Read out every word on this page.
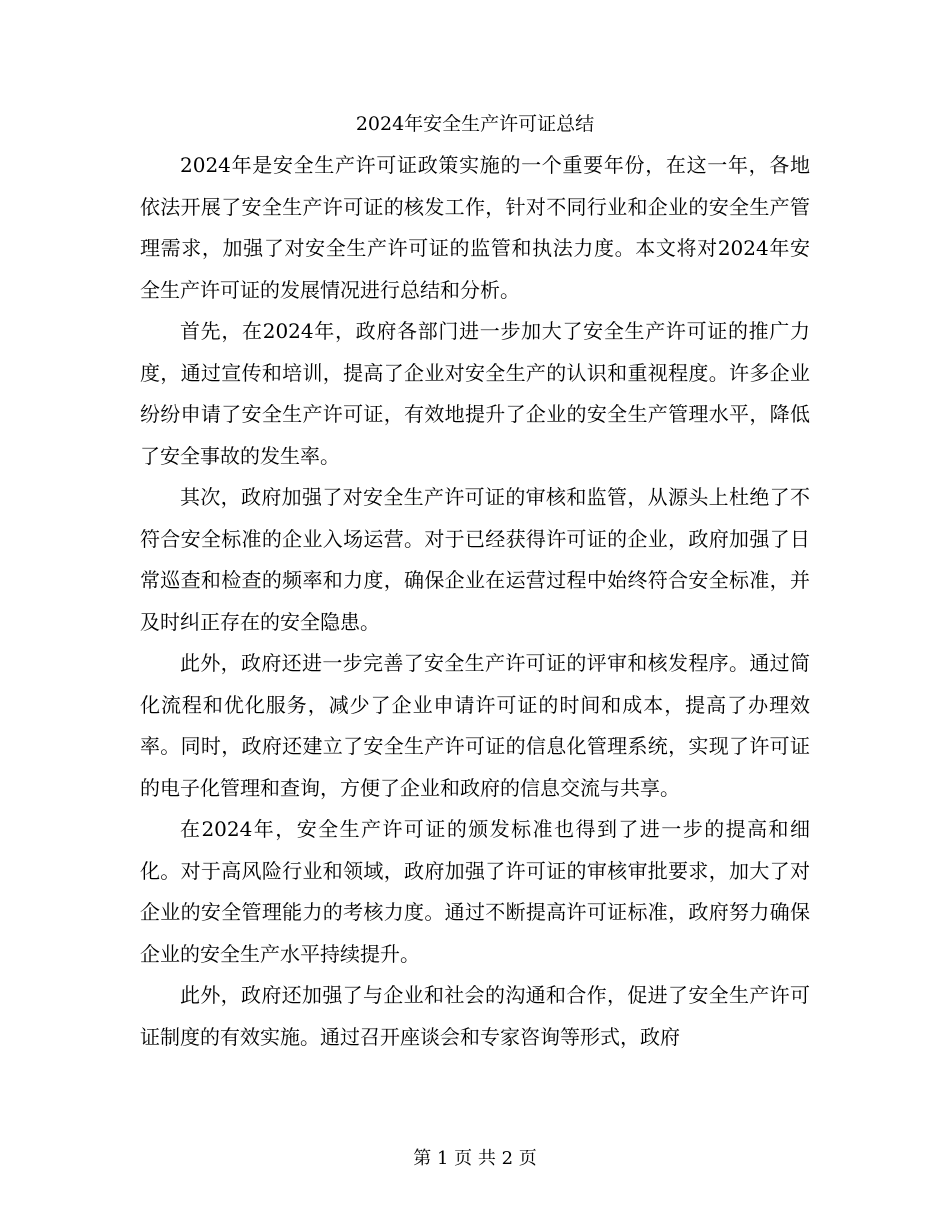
2024年安全生产许可证总结

2024年是安全生产许可证政策实施的一个重要年份，在这一年，各地依法开展了安全生产许可证的核发工作，针对不同行业和企业的安全生产管理需求，加强了对安全生产许可证的监管和执法力度。本文将对2024年安全生产许可证的发展情况进行总结和分析。

首先，在2024年，政府各部门进一步加大了安全生产许可证的推广力度，通过宣传和培训，提高了企业对安全生产的认识和重视程度。许多企业纷纷申请了安全生产许可证，有效地提升了企业的安全生产管理水平，降低了安全事故的发生率。

其次，政府加强了对安全生产许可证的审核和监管，从源头上杜绝了不符合安全标准的企业入场运营。对于已经获得许可证的企业，政府加强了日常巡查和检查的频率和力度，确保企业在运营过程中始终符合安全标准，并及时纠正存在的安全隐患。

此外，政府还进一步完善了安全生产许可证的评审和核发程序。通过简化流程和优化服务，减少了企业申请许可证的时间和成本，提高了办理效率。同时，政府还建立了安全生产许可证的信息化管理系统，实现了许可证的电子化管理和查询，方便了企业和政府的信息交流与共享。

在2024年，安全生产许可证的颁发标准也得到了进一步的提高和细化。对于高风险行业和领域，政府加强了许可证的审核审批要求，加大了对企业的安全管理能力的考核力度。通过不断提高许可证标准，政府努力确保企业的安全生产水平持续提升。

此外，政府还加强了与企业和社会的沟通和合作，促进了安全生产许可证制度的有效实施。通过召开座谈会和专家咨询等形式，政府

第 1 页 共 2 页
